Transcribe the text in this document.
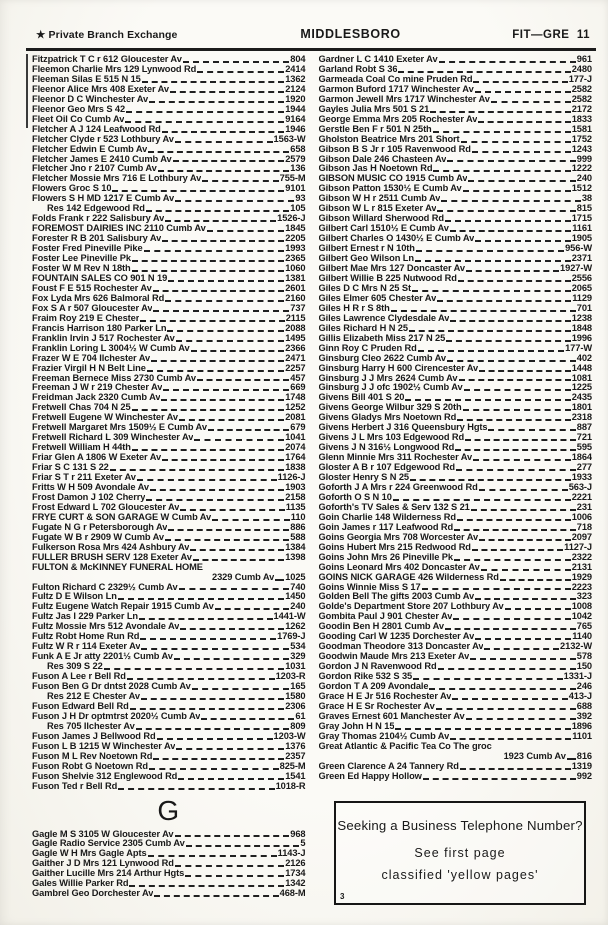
★ Private Branch Exchange	MIDDLESBORO	FIT—GRE 11
Fitzpatrick T C r 612 Gloucester Av	804
Fleemon Charlie Mrs 129 Lynwood Rd	2414
Fleeman Silas E 515 N 15	1362
Fleenor Alice Mrs 408 Exeter Av	2124
Fleenor D C Winchester Av	1920
Fleenor Geo Mrs S 42	1944
Fleet Oil Co Cumb Av	9164
Fletcher A J 124 Leafwood Rd	1946
Fletcher Clyde r 523 Lothbury Av	1563-W
Fletcher Edwin E Cumb Av	658
Fletcher James E 2410 Cumb Av	2579
Fletcher Jno r 2107 Cumb Av	136
Fletcher Mossie Mrs 716 E Lothbury Av	755-M
Flowers Groc S 10	9101
Flowers S H MD 1217 E Cumb Av	93
Res 142 Edgewood Rd	105
Folds Frank r 222 Salisbury Av	1526-J
FOREMOST DAIRIES INC 2110 Cumb Av	1845
Forester R B 201 Salisbury Av	2205
Foster Fred Pineville Pike	1993
Foster Lee Pineville Pk	2365
Foster W M Rev N 18th	1060
FOUNTAIN SALES CO 901 N 19	1381
Foust F E 515 Rochester Av	2601
Fox Lyda Mrs 626 Balmoral Rd	2160
Fox S A r 507 Gloucester Av	737
Fraim Roy 219 E Chester	2115
Francis Harrison 180 Parker Ln	2088
Franklin Irvin J 517 Rochester Av	1495
Franklin Loring L 3004½ W Cumb Av	2366
Frazer W E 704 Ilchester Av	2471
Frazier Virgil H N Belt Line	2257
Freeman Bernece Miss 2730 Cumb Av	457
Freeman J W r 219 Chester Av	669
Freidman Jack 2320 Cumb Av	1748
Fretwell Chas 704 N 25	1252
Fretwell Eugene W Winchester Av	2081
Fretwell Margaret Mrs 1509½ E Cumb Av	679
Fretwell Richard L 309 Winchester Av	1041
Fretwell William H 44th	2074
Friar Glen A 1806 W Exeter Av	1764
Friar S C 131 S 22	1838
Friar S T r 211 Exeter Av	1126-J
Fritts W H 509 Avondale Av	1903
Frost Damon J 102 Cherry	2158
Frost Edward L 702 Gloucester Av	1135
FRYE CURT & SON GARAGE W Cumb Av	110
Fugate N G r Petersborough Av	886
Fugate W B r 2909 W Cumb Av	588
Fulkerson Rosa Mrs 424 Ashbury Av	1384
FULLER BRUSH SERV 128 Exeter Av	1398
FULTON & McKINNEY FUNERAL HOME
2329 Cumb Av 1025
Fulton Richard C 2329½ Cumb Av	740
Fultz D E Wilson Ln	1450
Fultz Eugene Watch Repair 1915 Cumb Av	240
Fultz Jas I 229 Parker Ln	1441-W
Fultz Mossie Mrs 512 Avondale Av	1262
Fultz Robt Home Run Rd	1769-J
Fultz W R r 114 Exeter Av	534
Funk A E Jr atty 2201½ Cumb Av	329
Res 309 S 22	1031
Fuson A Lee r Bell Rd	1203-R
Fuson Ben G Dr dntst 2028 Cumb Av	165
Res 212 E Chester Av	1580
Fuson Edward Bell Rd	2306
Fuson J H Dr optmtrst 2020½ Cumb Av	61
Res 705 Ilchester Av	809
Fuson James J Bellwood Rd	1203-W
Fuson L B 1215 W Winchester Av	1376
Fuson M L Rev Noetown Rd	2357
Fuson Robt G Noetown Rd	825-M
Fuson Shelvie 312 Englewood Rd	1541
Fuson Ted r Bell Rd	1018-R
G
Gagle M S 3105 W Gloucester Av	968
Gagle Radio Service 2305 Cumb Av	5
Gagle W H Mrs Gagle Apts	1143-J
Gaither J D Mrs 121 Lynwood Rd	2126
Gaither Lucille Mrs 214 Arthur Hgts	1734
Gales Willie Parker Rd	1342
Gambrel Geo Dorchester Av	468-M
Gardner L C 1410 Exeter Av	961
Garland Robt S 36	2480
Garmeada Coal Co mine Pruden Rd	177-J
Garmon Buford 1717 Winchester Av	2582
Garmon Jewell Mrs 1717 Winchester Av	2582
Gayles Julia Mrs 501 S 21	2172
George Emma Mrs 205 Rochester Av	1833
Gerstle Ben F r 501 N 25th	1581
Gholston Beatrice Mrs 201 Short	1752
Gibson B S Jr r 105 Ravenwood Rd	1243
Gibson Dale 246 Chasteen Av	999
Gibson Jas H Noetown Rd	1222
GIBSON MUSIC CO 1915 Cumb Av	240
Gibson Patton 1530½ E Cumb Av	1512
Gibson W H r 2511 Cumb Av	38
Gibson W L r 815 Exeter Av	815
Gibson Willard Sherwood Rd	1715
Gilbert Carl 1510½ E Cumb Av	1161
Gilbert Charles O 1430½ E Cumb Av	1905
Gilbert Ernest r N 10th	956-W
Gilbert Geo Wilson Ln	2371
Gilbert Mae Mrs 127 Doncaster Av	1927-W
Gilbert Willie B 225 Nutwood Rd	2556
Giles D C Mrs N 25 St	2065
Giles Elmer 605 Chester Av	1129
Giles H R r S 8th	701
Giles Lawrence Clydesdale Av	1238
Giles Richard H N 25	1848
Gillis Elizabeth Miss 217 N 25	1996
Ginn Roy C Pruden Rd	177-W
Ginsburg Cleo 2622 Cumb Av	402
Ginsburg Harry H 600 Cirencester Av	1448
Ginsburg J J Mrs 2624 Cumb Av	1081
Ginsburg J J ofc 1902½ Cumb Av	1225
Givens Bill 401 S 20	2435
Givens George Wilbur 329 S 20th	1801
Givens Gladys Mrs Noetown Rd	2318
Givens Herbert J 316 Queensbury Hgts	887
Givens J L Mrs 103 Edgewood Rd	721
Givens J N 316½ Longwood Rd	595
Glenn Minnie Mrs 311 Rochester Av	1864
Gloster A B r 107 Edgewood Rd	277
Gloster Henry S N 25	1933
Goforth J A Mrs r 224 Greenwood Rd	563-J
Goforth O S N 10	2221
Goforth's TV Sales & Serv 132 S 21	231
Goin Charlie 148 Wilderness Rd	1006
Goin James r 117 Leafwood Rd	718
Goins Georgia Mrs 708 Worcester Av	2097
Goins Hubert Mrs 215 Redwood Rd	1127-J
Goins John Mrs 26 Pineville Pk	2322
Goins Leonard Mrs 402 Doncaster Av	2131
GOINS NICK GARAGE 426 Wilderness Rd	1929
Goins Winnie Miss S 17	2223
Golden Bell The gifts 2003 Cumb Av	323
Golde's Department Store 207 Lothbury Av	1008
Gombita Paul J 901 Chester Av	1042
Goodin Ben H 2801 Cumb Av	765
Gooding Carl W 1235 Dorchester Av	1140
Goodman Theodore 313 Doncaster Av	2132-W
Goodwin Maude Mrs 213 Exeter Av	578
Gordon J N Ravenwood Rd	150
Gordon Rike 532 S 35	1331-J
Gordon T A 209 Avondale	246
Grace H E Jr 516 Rochester Av	413-J
Grace H E Sr Rochester Av	688
Graves Ernest 601 Manchester Av	392
Gray John H N 15	1896
Gray Thomas 2104½ Cumb Av	1101
Great Atlantic & Pacific Tea Co The groc
1923 Cumb Av 816
Green Clarence A 24 Tannery Rd	1319
Green Ed Happy Hollow	992
Seeking a Business Telephone Number?
See first page
classified 'yellow pages'
3
